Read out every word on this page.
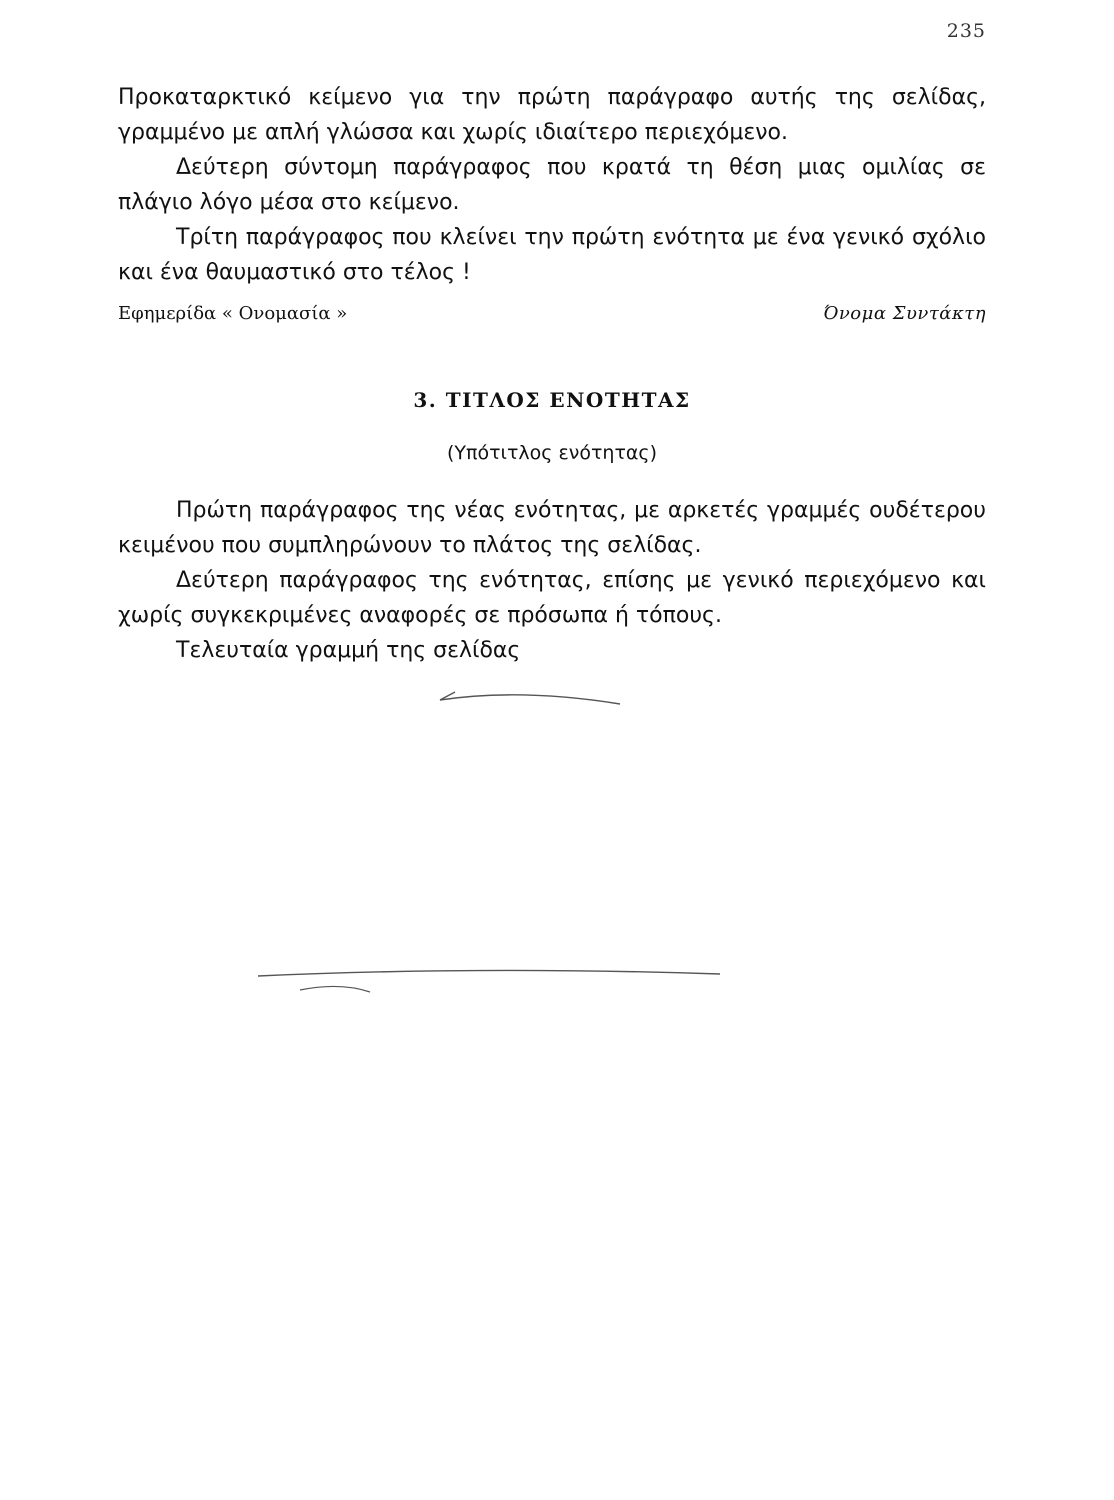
235

Προκαταρκτικό κείμενο για την πρώτη παράγραφο αυτής της σελίδας, γραμμένο με απλή γλώσσα και χωρίς ιδιαίτερο περιεχόμενο.

Δεύτερη σύντομη παράγραφος που κρατά τη θέση μιας ομιλίας σε πλάγιο λόγο μέσα στο κείμενο.

Τρίτη παράγραφος που κλείνει την πρώτη ενότητα με ένα γενικό σχόλιο και ένα θαυμαστικό στο τέλος !

Εφημερίδα « Ονομασία »	Όνομα Συντάκτη
3. ΤΙΤΛΟΣ ΕΝΟΤΗΤΑΣ
(Υπότιτλος ενότητας)

Πρώτη παράγραφος της νέας ενότητας, με αρκετές γραμμές ουδέτερου κειμένου που συμπληρώνουν το πλάτος της σελίδας.

Δεύτερη παράγραφος της ενότητας, επίσης με γενικό περιεχόμενο και χωρίς συγκεκριμένες αναφορές σε πρόσωπα ή τόπους.

Τελευταία γραμμή της σελίδας
